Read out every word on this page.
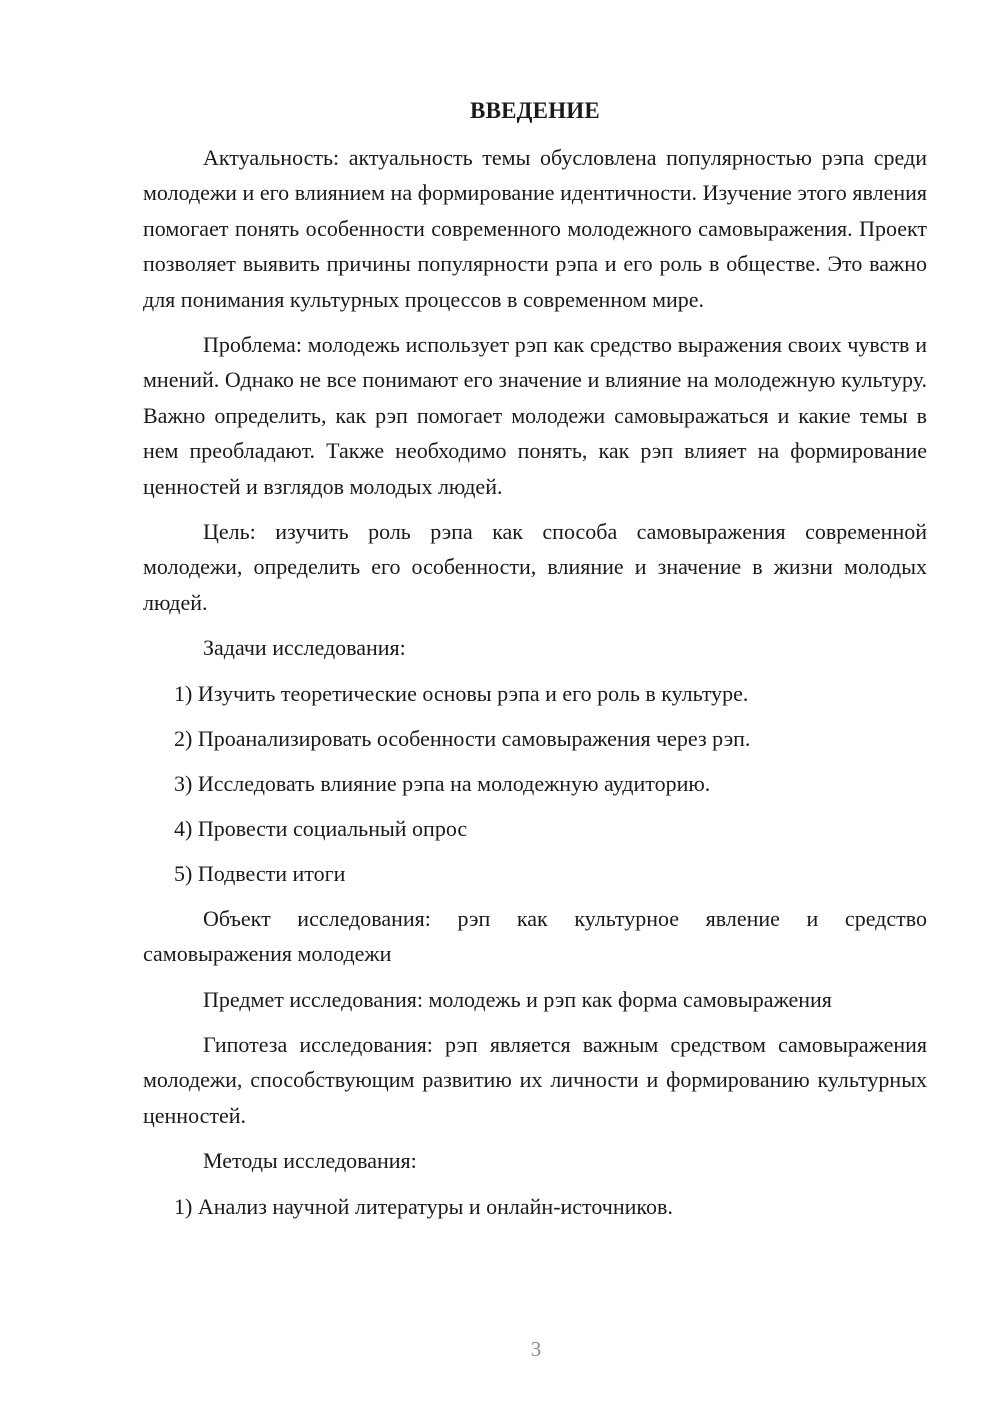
ВВЕДЕНИЕ

Актуальность: актуальность темы обусловлена популярностью рэпа среди молодежи и его влиянием на формирование идентичности. Изучение этого явления помогает понять особенности современного молодежного самовыражения. Проект позволяет выявить причины популярности рэпа и его роль в обществе. Это важно для понимания культурных процессов в современном мире.

Проблема: молодежь использует рэп как средство выражения своих чувств и мнений. Однако не все понимают его значение и влияние на молодежную культуру. Важно определить, как рэп помогает молодежи самовыражаться и какие темы в нем преобладают. Также необходимо понять, как рэп влияет на формирование ценностей и взглядов молодых людей.

Цель: изучить роль рэпа как способа самовыражения современной молодежи, определить его особенности, влияние и значение в жизни молодых людей.

Задачи исследования:

1) Изучить теоретические основы рэпа и его роль в культуре.
2) Проанализировать особенности самовыражения через рэп.
3) Исследовать влияние рэпа на молодежную аудиторию.
4) Провести социальный опрос
5) Подвести итоги

Объект исследования: рэп как культурное явление и средство самовыражения молодежи

Предмет исследования: молодежь и рэп как форма самовыражения

Гипотеза исследования: рэп является важным средством самовыражения молодежи, способствующим развитию их личности и формированию культурных ценностей.

Методы исследования:

1) Анализ научной литературы и онлайн-источников.
3
